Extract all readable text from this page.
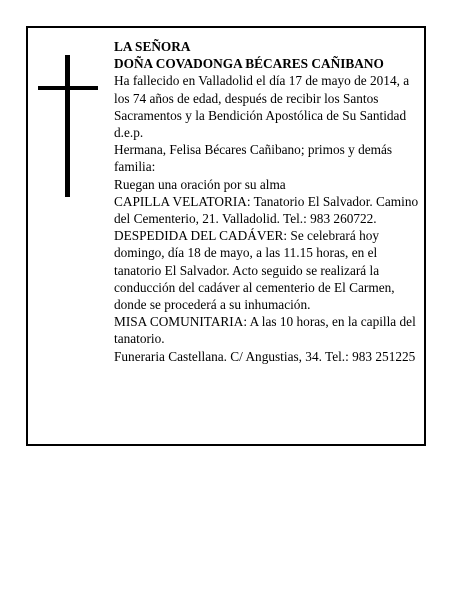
LA SEÑORA

DOÑA COVADONGA BÉCARES CAÑIBANO

Ha fallecido en Valladolid el día 17 de mayo de 2014, a los 74 años de edad, después de recibir los Santos Sacramentos y la Bendición Apostólica de Su Santidad d.e.p.

Hermana, Felisa Bécares Cañibano; primos y demás familia:

Ruegan una oración por su alma

CAPILLA VELATORIA: Tanatorio El Salvador. Camino del Cementerio, 21. Valladolid. Tel.: 983 260722.

DESPEDIDA DEL CADÁVER: Se celebrará hoy domingo, día 18 de mayo, a las 11.15 horas, en el tanatorio El Salvador. Acto seguido se realizará la conducción del cadáver al cementerio de El Carmen, donde se procederá a su inhumación.

MISA COMUNITARIA: A las 10 horas, en la capilla del tanatorio.

Funeraria Castellana. C/ Angustias, 34. Tel.: 983 251225
